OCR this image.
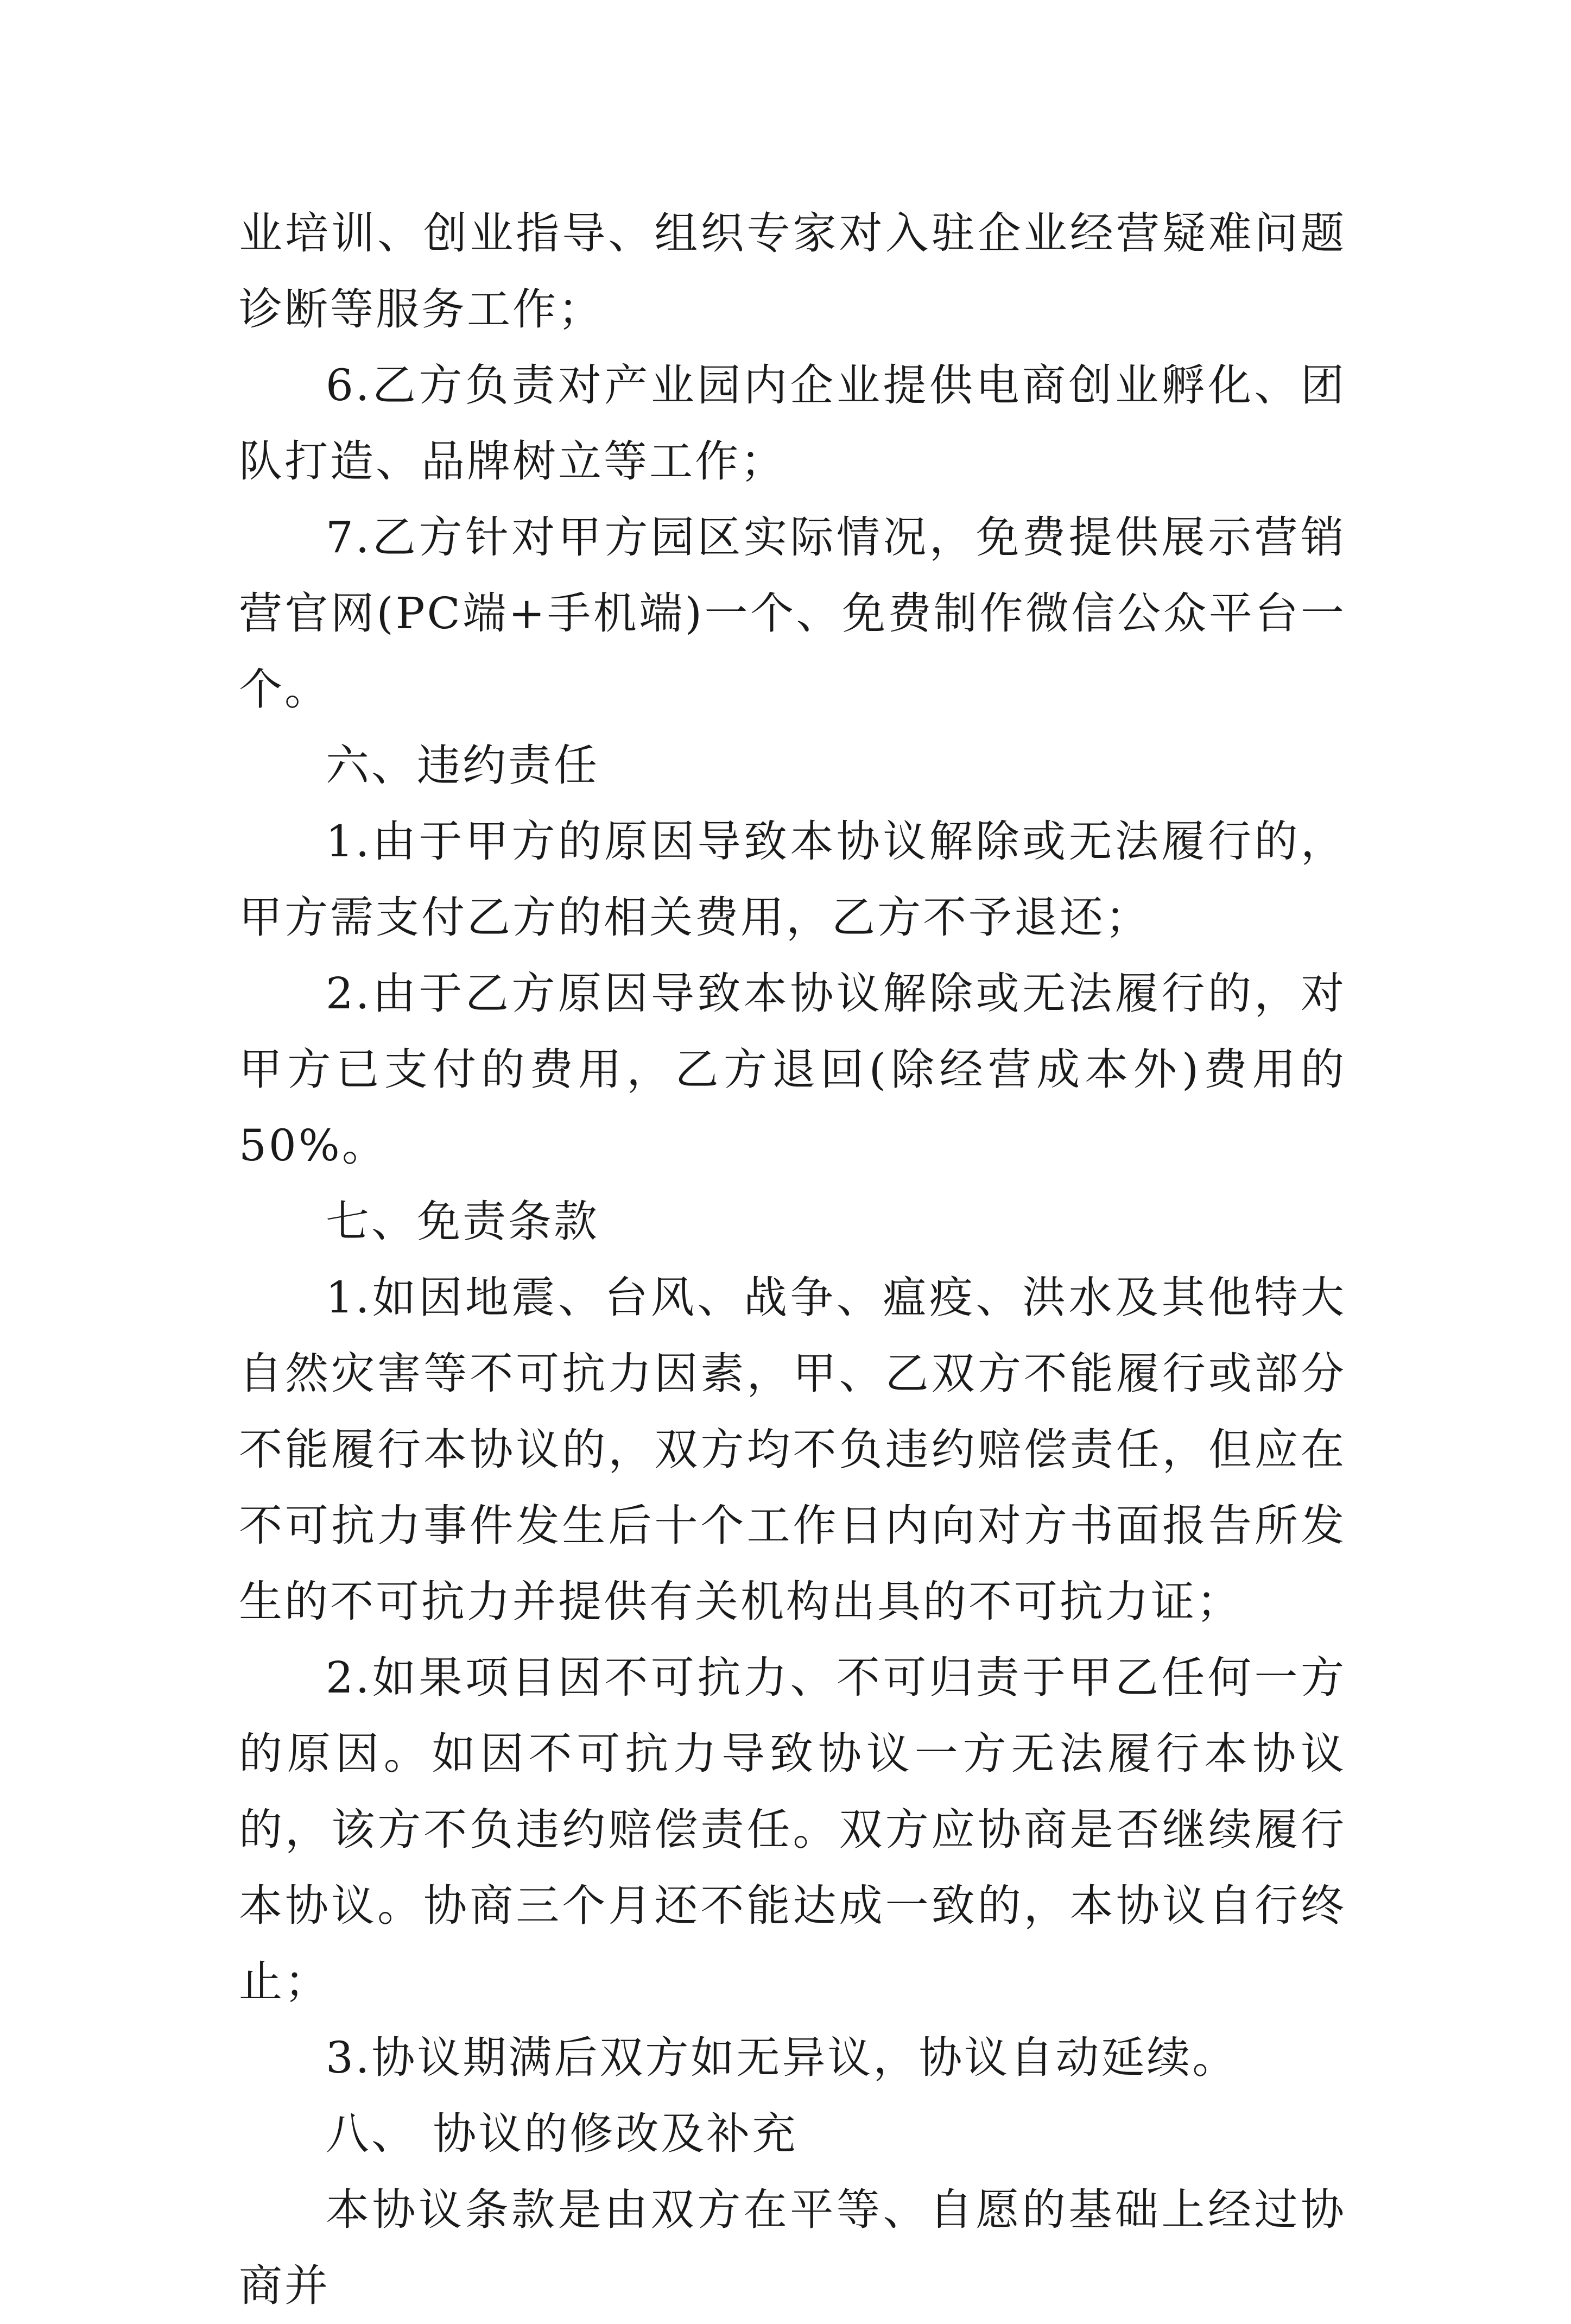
业培训、创业指导、组织专家对入驻企业经营疑难问题诊断等服务工作；

6.乙方负责对产业园内企业提供电商创业孵化、团队打造、品牌树立等工作；

7.乙方针对甲方园区实际情况，免费提供展示营销营官网(PC端+手机端)一个、免费制作微信公众平台一个。

六、违约责任

1.由于甲方的原因导致本协议解除或无法履行的，甲方需支付乙方的相关费用，乙方不予退还；

2.由于乙方原因导致本协议解除或无法履行的，对甲方已支付的费用，乙方退回(除经营成本外)费用的50%。

七、免责条款

1.如因地震、台风、战争、瘟疫、洪水及其他特大自然灾害等不可抗力因素，甲、乙双方不能履行或部分不能履行本协议的，双方均不负违约赔偿责任，但应在不可抗力事件发生后十个工作日内向对方书面报告所发生的不可抗力并提供有关机构出具的不可抗力证；

2.如果项目因不可抗力、不可归责于甲乙任何一方的原因。如因不可抗力导致协议一方无法履行本协议的，该方不负违约赔偿责任。双方应协商是否继续履行本协议。协商三个月还不能达成一致的，本协议自行终止；

3.协议期满后双方如无异议，协议自动延续。

八、 协议的修改及补充

本协议条款是由双方在平等、自愿的基础上经过协商并
